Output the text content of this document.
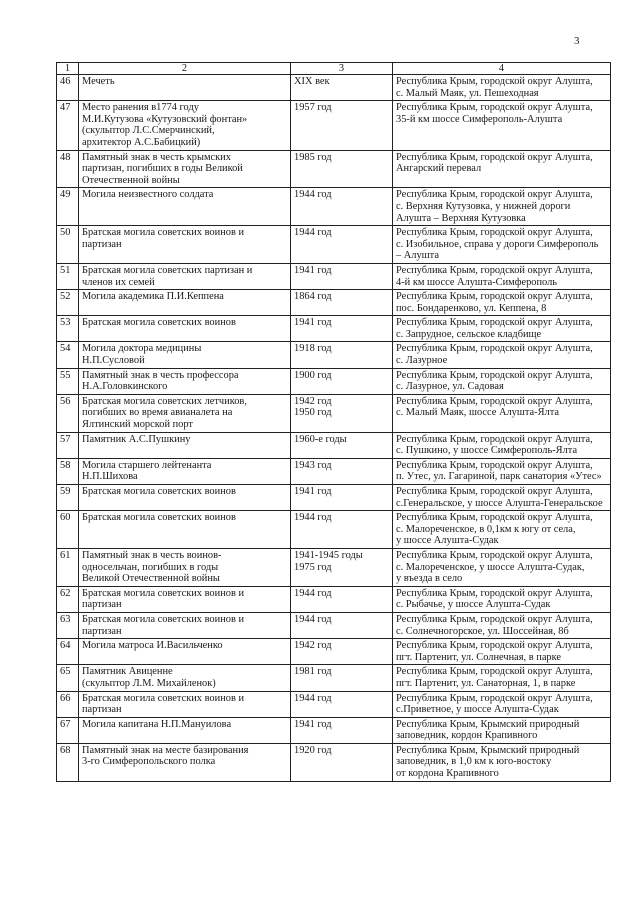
3
1	2	3	4
46	Мечеть	XIX век	Республика Крым, городской округ Алушта,
с. Малый Маяк, ул. Пешеходная
47	Место ранения в1774 году
М.И.Кутузова «Кутузовский фонтан»
(скульптор Л.С.Смерчинский,
архитектор А.С.Бабицкий)	1957 год	Республика Крым, городской округ Алушта,
35-й км шоссе Симферополь-Алушта
48	Памятный знак в честь крымских
партизан, погибших в годы Великой
Отечественной войны	1985 год	Республика Крым, городской округ Алушта,
Ангарский перевал
49	Могила неизвестного солдата	1944 год	Республика Крым, городской округ Алушта,
с. Верхняя Кутузовка, у нижней дороги
Алушта – Верхняя Кутузовка
50	Братская могила советских воинов и
партизан	1944 год	Республика Крым, городской округ Алушта,
с. Изобильное, справа у дороги Симферополь
– Алушта
51	Братская могила советских партизан и
членов их семей	1941 год	Республика Крым, городской округ Алушта,
4-й км шоссе Алушта-Симферополь
52	Могила академика П.И.Кеппена	1864 год	Республика Крым, городской округ Алушта,
пос. Бондаренково, ул. Кеппена, 8
53	Братская могила советских воинов	1941 год	Республика Крым, городской округ Алушта,
с. Запрудное, сельское кладбище
54	Могила доктора медицины
Н.П.Сусловой	1918 год	Республика Крым, городской округ Алушта,
с. Лазурное
55	Памятный знак в честь профессора
Н.А.Головкинского	1900 год	Республика Крым, городской округ Алушта,
с. Лазурное, ул. Садовая
56	Братская могила советских летчиков,
погибших во время авианалета на
Ялтинский морской порт	1942 год
1950 год	Республика Крым, городской округ Алушта,
с. Малый Маяк, шоссе Алушта-Ялта
57	Памятник А.С.Пушкину	1960-е годы	Республика Крым, городской округ Алушта,
с. Пушкино, у шоссе Симферополь-Ялта
58	Могила старшего лейтенанта
Н.П.Шихова	1943 год	Республика Крым, городской округ Алушта,
п. Утес, ул. Гагариной, парк санатория «Утес»
59	Братская могила советских воинов	1941 год	Республика Крым, городской округ Алушта,
с.Генеральское, у шоссе Алушта-Генеральское
60	Братская могила советских воинов	1944 год	Республика Крым, городской округ Алушта,
с. Малореченское, в 0,1км к югу от села,
у шоссе Алушта-Судак
61	Памятный знак в честь воинов-
односельчан, погибших в годы
Великой Отечественной войны	1941-1945 годы
1975 год	Республика Крым, городской округ Алушта,
с. Малореченское, у шоссе Алушта-Судак,
у въезда в село
62	Братская могила советских воинов и
партизан	1944 год	Республика Крым, городской округ Алушта,
с. Рыбачье, у шоссе Алушта-Судак
63	Братская могила советских воинов и
партизан	1944 год	Республика Крым, городской округ Алушта,
с. Солнечногорское, ул. Шоссейная, 8б
64	Могила матроса И.Васильченко	1942 год	Республика Крым, городской округ Алушта,
пгт. Партенит, ул. Солнечная, в парке
65	Памятник Авиценне
(скульптор Л.М. Михайленок)	1981 год	Республика Крым, городской округ Алушта,
пгт. Партенит, ул. Санаторная, 1, в парке
66	Братская могила советских воинов и
партизан	1944 год	Республика Крым, городской округ Алушта,
с.Приветное, у шоссе Алушта-Судак
67	Могила капитана Н.П.Мануилова	1941 год	Республика Крым, Крымский природный
заповедник, кордон Крапивного
68	Памятный знак на месте базирования
3-го Симферопольского полка	1920 год	Республика Крым, Крымский природный
заповедник, в 1,0 км к юго-востоку
от кордона Крапивного
